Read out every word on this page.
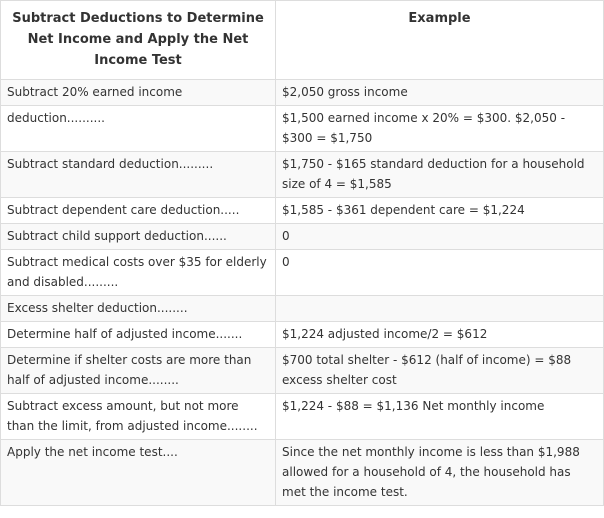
Subtract Deductions to Determine Net Income and Apply the Net Income Test	Example
Subtract 20% earned income	$2,050 gross income
deduction..........	$1,500 earned income x 20% = $300. $2,050 - $300 = $1,750
Subtract standard deduction.........	$1,750 - $165 standard deduction for a household size of 4 = $1,585
Subtract dependent care deduction.....	$1,585 - $361 dependent care = $1,224
Subtract child support deduction......	0
Subtract medical costs over $35 for elderly and disabled.........	0
Excess shelter deduction........	
Determine half of adjusted income.......	$1,224 adjusted income/2 = $612
Determine if shelter costs are more than half of adjusted income........	$700 total shelter - $612 (half of income) = $88 excess shelter cost
Subtract excess amount, but not more than the limit, from adjusted income........	$1,224 - $88 = $1,136 Net monthly income
Apply the net income test....	Since the net monthly income is less than $1,988 allowed for a household of 4, the household has met the income test.
